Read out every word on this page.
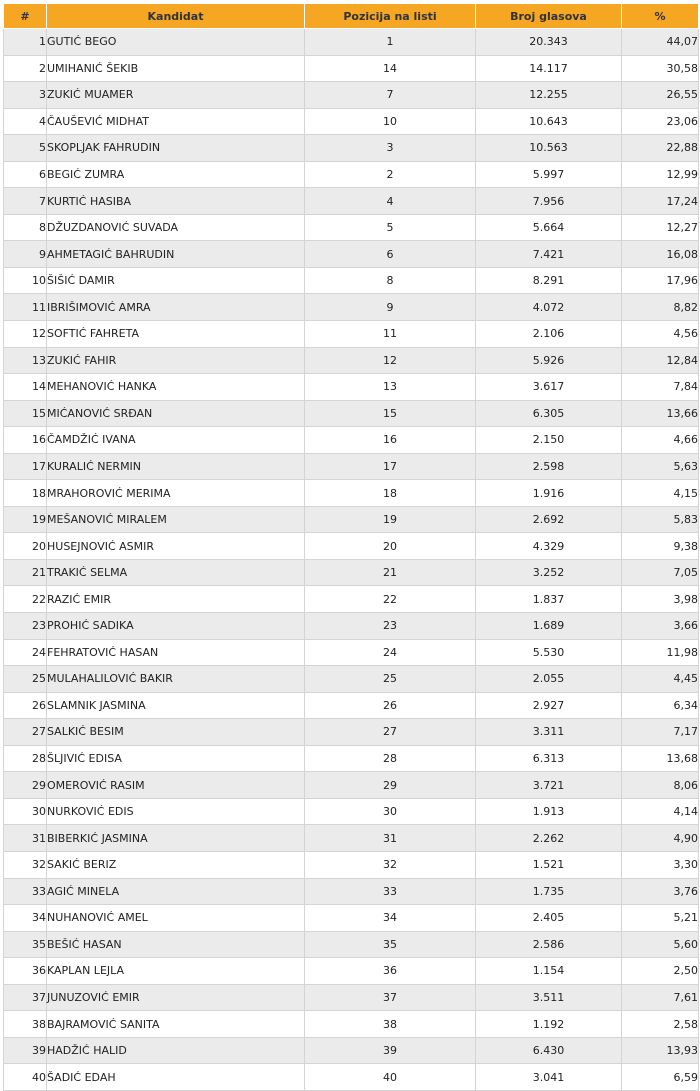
#	Kandidat	Pozicija na listi	Broj glasova	%
1	GUTIĆ BEGO	1	20.343	44,07
2	UMIHANIĆ ŠEKIB	14	14.117	30,58
3	ZUKIĆ MUAMER	7	12.255	26,55
4	ČAUŠEVIĆ MIDHAT	10	10.643	23,06
5	SKOPLJAK FAHRUDIN	3	10.563	22,88
6	BEGIĆ ZUMRA	2	5.997	12,99
7	KURTIĆ HASIBA	4	7.956	17,24
8	DŽUZDANOVIĆ SUVADA	5	5.664	12,27
9	AHMETAGIĆ BAHRUDIN	6	7.421	16,08
10	ŠIŠIĆ DAMIR	8	8.291	17,96
11	IBRIŠIMOVIĆ AMRA	9	4.072	8,82
12	SOFTIĆ FAHRETA	11	2.106	4,56
13	ZUKIĆ FAHIR	12	5.926	12,84
14	MEHANOVIĆ HANKA	13	3.617	7,84
15	MIĆANOVIĆ SRĐAN	15	6.305	13,66
16	ČAMDŽIĆ IVANA	16	2.150	4,66
17	KURALIĆ NERMIN	17	2.598	5,63
18	MRAHOROVIĆ MERIMA	18	1.916	4,15
19	MEŠANOVIĆ MIRALEM	19	2.692	5,83
20	HUSEJNOVIĆ ASMIR	20	4.329	9,38
21	TRAKIĆ SELMA	21	3.252	7,05
22	RAZIĆ EMIR	22	1.837	3,98
23	PROHIĆ SADIKA	23	1.689	3,66
24	FEHRATOVIĆ HASAN	24	5.530	11,98
25	MULAHALILOVIĆ BAKIR	25	2.055	4,45
26	SLAMNIK JASMINA	26	2.927	6,34
27	SALKIĆ BESIM	27	3.311	7,17
28	ŠLJIVIĆ EDISA	28	6.313	13,68
29	OMEROVIĆ RASIM	29	3.721	8,06
30	NURKOVIĆ EDIS	30	1.913	4,14
31	BIBERKIĆ JASMINA	31	2.262	4,90
32	SAKIĆ BERIZ	32	1.521	3,30
33	AGIĆ MINELA	33	1.735	3,76
34	NUHANOVIĆ AMEL	34	2.405	5,21
35	BEŠIĆ HASAN	35	2.586	5,60
36	KAPLAN LEJLA	36	1.154	2,50
37	JUNUZOVIĆ EMIR	37	3.511	7,61
38	BAJRAMOVIĆ SANITA	38	1.192	2,58
39	HADŽIĆ HALID	39	6.430	13,93
40	ŠADIĆ EDAH	40	3.041	6,59
